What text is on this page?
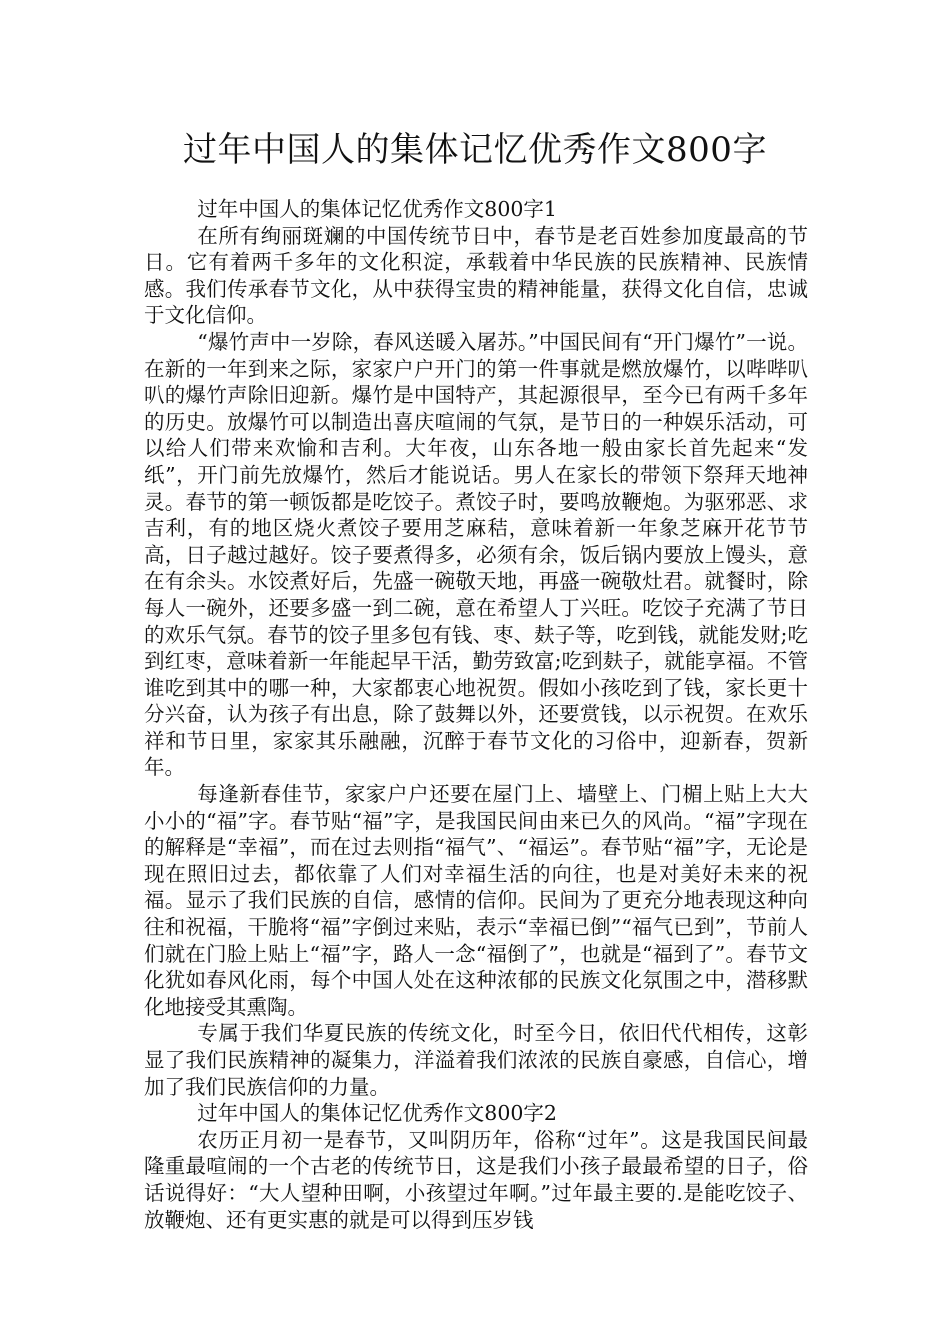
过年中国人的集体记忆优秀作文800字

过年中国人的集体记忆优秀作文800字1

在所有绚丽斑斓的中国传统节日中，春节是老百姓参加度最高的节日。它有着两千多年的文化积淀，承载着中华民族的民族精神、民族情感。我们传承春节文化，从中获得宝贵的精神能量，获得文化自信，忠诚于文化信仰。

“爆竹声中一岁除，春风送暖入屠苏。”中国民间有“开门爆竹”一说。在新的一年到来之际，家家户户开门的第一件事就是燃放爆竹，以哔哔叭叭的爆竹声除旧迎新。爆竹是中国特产，其起源很早，至今已有两千多年的历史。放爆竹可以制造出喜庆喧闹的气氛，是节日的一种娱乐活动，可以给人们带来欢愉和吉利。大年夜，山东各地一般由家长首先起来“发纸”，开门前先放爆竹，然后才能说话。男人在家长的带领下祭拜天地神灵。春节的第一顿饭都是吃饺子。煮饺子时，要鸣放鞭炮。为驱邪恶、求吉利，有的地区烧火煮饺子要用芝麻秸，意味着新一年象芝麻开花节节高，日子越过越好。饺子要煮得多，必须有余，饭后锅内要放上馒头，意在有余头。水饺煮好后，先盛一碗敬天地，再盛一碗敬灶君。就餐时，除每人一碗外，还要多盛一到二碗，意在希望人丁兴旺。吃饺子充满了节日的欢乐气氛。春节的饺子里多包有钱、枣、麸子等，吃到钱，就能发财;吃到红枣，意味着新一年能起早干活，勤劳致富;吃到麸子，就能享福。不管谁吃到其中的哪一种，大家都衷心地祝贺。假如小孩吃到了钱，家长更十分兴奋，认为孩子有出息，除了鼓舞以外，还要赏钱，以示祝贺。在欢乐祥和节日里，家家其乐融融，沉醉于春节文化的习俗中，迎新春，贺新年。

每逢新春佳节，家家户户还要在屋门上、墙壁上、门楣上贴上大大小小的“福”字。春节贴“福”字，是我国民间由来已久的风尚。“福”字现在的解释是“幸福”，而在过去则指“福气”、“福运”。春节贴“福”字，无论是现在照旧过去，都依靠了人们对幸福生活的向往，也是对美好未来的祝福。显示了我们民族的自信，感情的信仰。民间为了更充分地表现这种向往和祝福，干脆将“福”字倒过来贴，表示“幸福已倒”“福气已到”，节前人们就在门脸上贴上“福”字，路人一念“福倒了”，也就是“福到了”。春节文化犹如春风化雨，每个中国人处在这种浓郁的民族文化氛围之中，潜移默化地接受其熏陶。

专属于我们华夏民族的传统文化，时至今日，依旧代代相传，这彰显了我们民族精神的凝集力，洋溢着我们浓浓的民族自豪感，自信心，增加了我们民族信仰的力量。

过年中国人的集体记忆优秀作文800字2

农历正月初一是春节，又叫阴历年，俗称“过年”。这是我国民间最隆重最喧闹的一个古老的传统节日，这是我们小孩子最最希望的日子，俗话说得好：“大人望种田啊，小孩望过年啊。”过年最主要的.是能吃饺子、放鞭炮、还有更实惠的就是可以得到压岁钱
